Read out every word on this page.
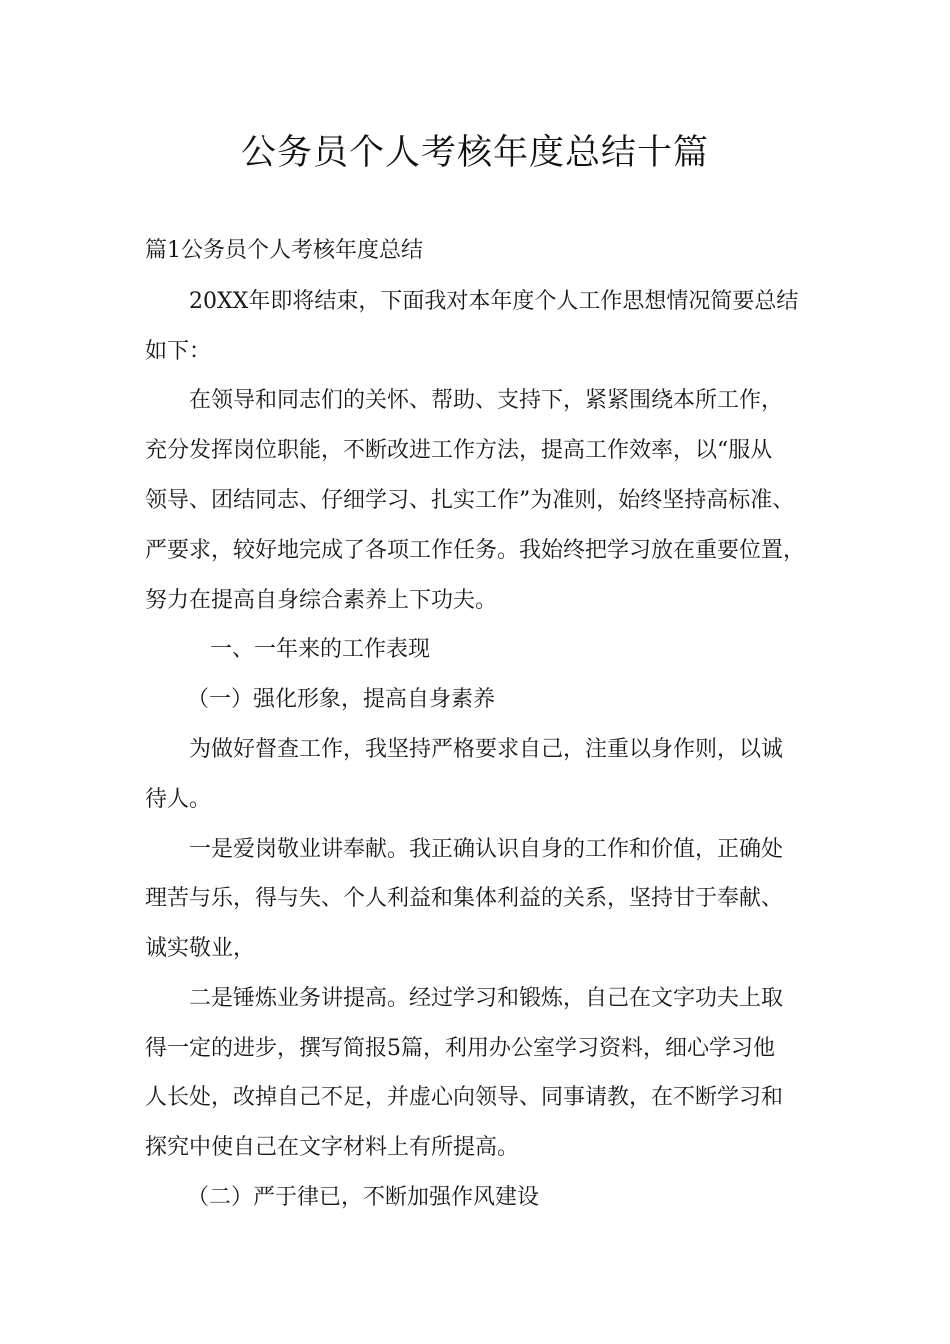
公务员个人考核年度总结十篇
篇1公务员个人考核年度总结
20XX年即将结束，下面我对本年度个人工作思想情况简要总结
如下：
在领导和同志们的关怀、帮助、支持下，紧紧围绕本所工作，
充分发挥岗位职能，不断改进工作方法，提高工作效率，以“服从
领导、团结同志、仔细学习、扎实工作”为准则，始终坚持高标准、
严要求，较好地完成了各项工作任务。我始终把学习放在重要位置，
努力在提高自身综合素养上下功夫。
一、一年来的工作表现
（一）强化形象，提高自身素养
为做好督查工作，我坚持严格要求自己，注重以身作则，以诚
待人。
一是爱岗敬业讲奉献。我正确认识自身的工作和价值，正确处
理苦与乐，得与失、个人利益和集体利益的关系，坚持甘于奉献、
诚实敬业，
二是锤炼业务讲提高。经过学习和锻炼，自己在文字功夫上取
得一定的进步，撰写简报5篇，利用办公室学习资料，细心学习他
人长处，改掉自己不足，并虚心向领导、同事请教，在不断学习和
探究中使自己在文字材料上有所提高。
（二）严于律已，不断加强作风建设
